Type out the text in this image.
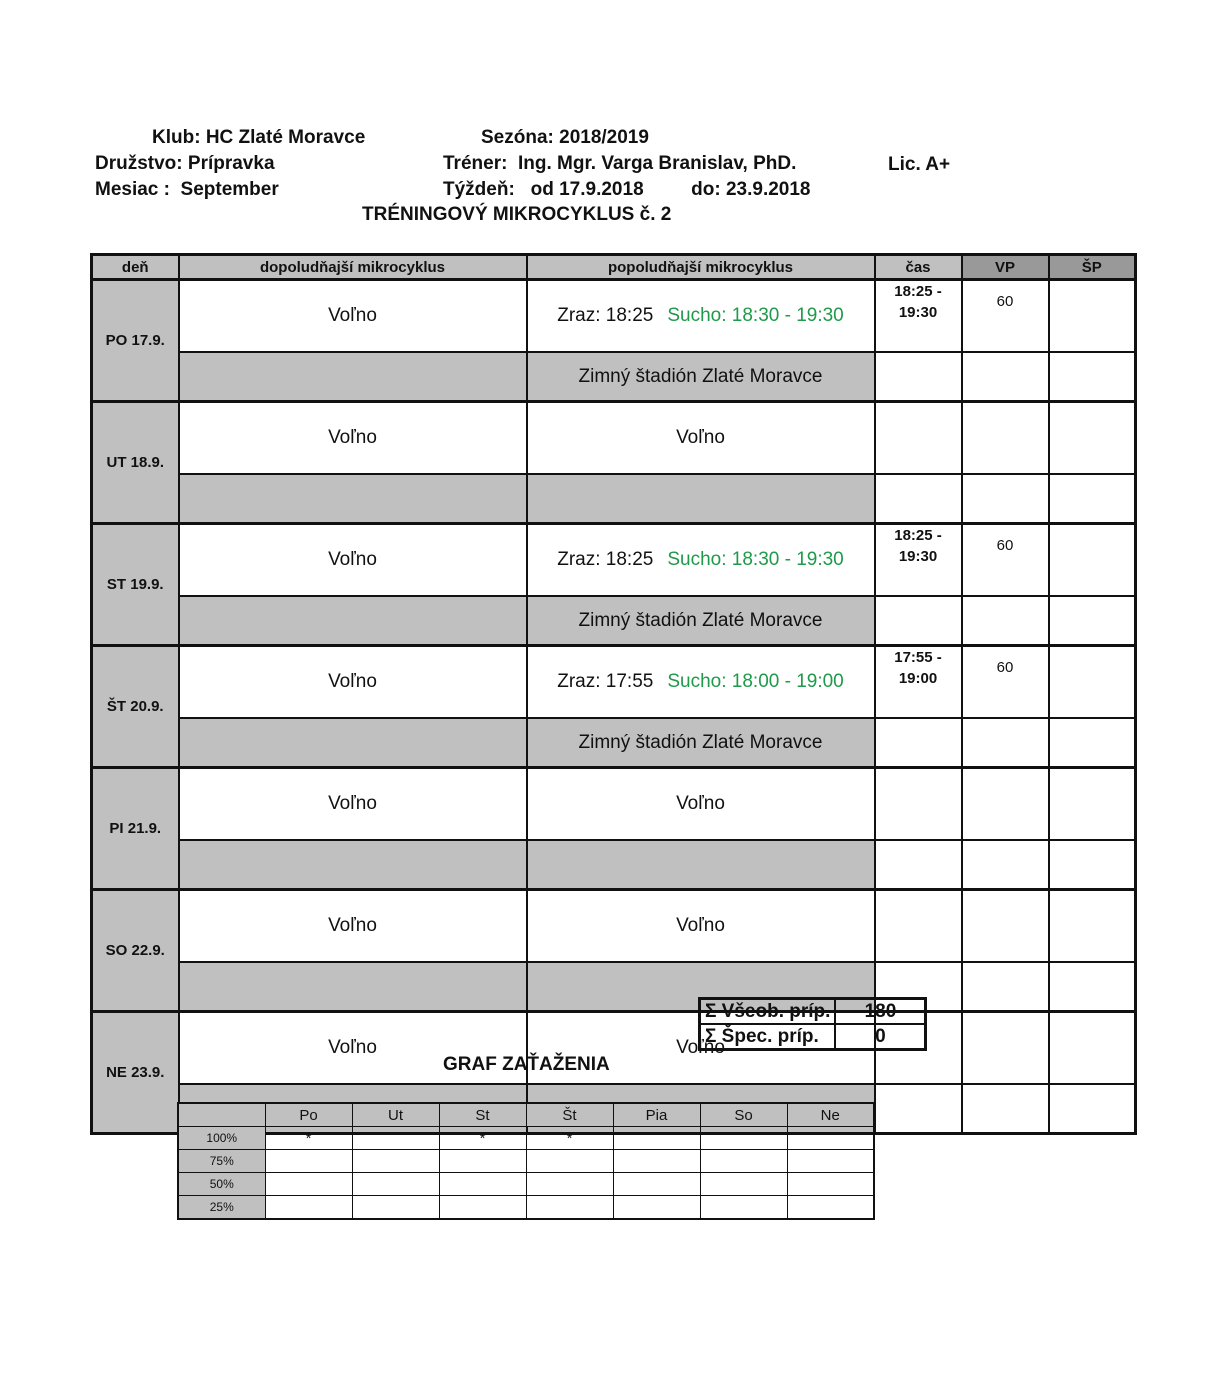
Klub: HC Zlaté Moravce	Sezóna: 2018/2019
Družstvo: Prípravka	Tréner:  Ing. Mgr. Varga Branislav, PhD.	Lic. A+
Mesiac :  September	Týždeň:   od 17.9.2018         do: 23.9.2018
TRÉNINGOVÝ MIKROCYKLUS č. 2
deň	dopoludňajší mikrocyklus	popoludňajší mikrocyklus	čas	VP	ŠP
PO 17.9.	Voľno	Zraz: 18:25 Sucho: 18:30 - 19:30	18:25 - 19:30	60	
		Zimný štadión Zlaté Moravce			

UT 18.9.	Voľno	Voľno			

ST 19.9.	Voľno	Zraz: 18:25 Sucho: 18:30 - 19:30	18:25 - 19:30	60	
		Zimný štadión Zlaté Moravce			

ŠT 20.9.	Voľno	Zraz: 17:55 Sucho: 18:00 - 19:00	17:55 - 19:00	60	
		Zimný štadión Zlaté Moravce			

PI 21.9.	Voľno	Voľno			

SO 22.9.	Voľno	Voľno			

NE 23.9.	Voľno	Voľno			

Σ Všeob. príp.	180
Σ Špec. príp.	0
GRAF ZAŤAŽENIA
	Po	Ut	St	Št	Pia	So	Ne
100%	*		*	*			
75%							
50%							
25%							
